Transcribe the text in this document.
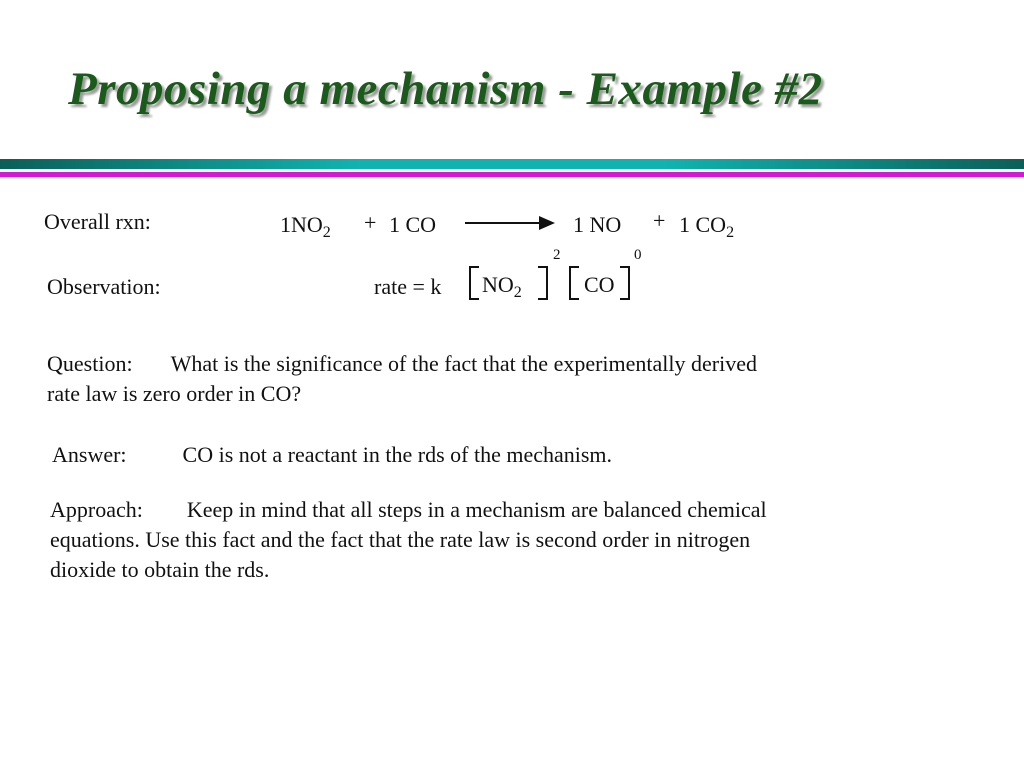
Proposing a mechanism - Example #2
Overall rxn:	$1NO_2 + 1$ CO	1 NO + 1 $CO_2$
Observation:	rate = k $NO_2$
2
CO
0
Question: What is the significance of the fact that the experimentally derived
rate law is zero order in CO?
Answer:	CO is not a reactant in the rds of the mechanism.
Approach: Keep in mind that all steps in a mechanism are balanced chemical
equations. Use this fact and the fact that the rate law is second order in nitrogen
dioxide to obtain the rds.
